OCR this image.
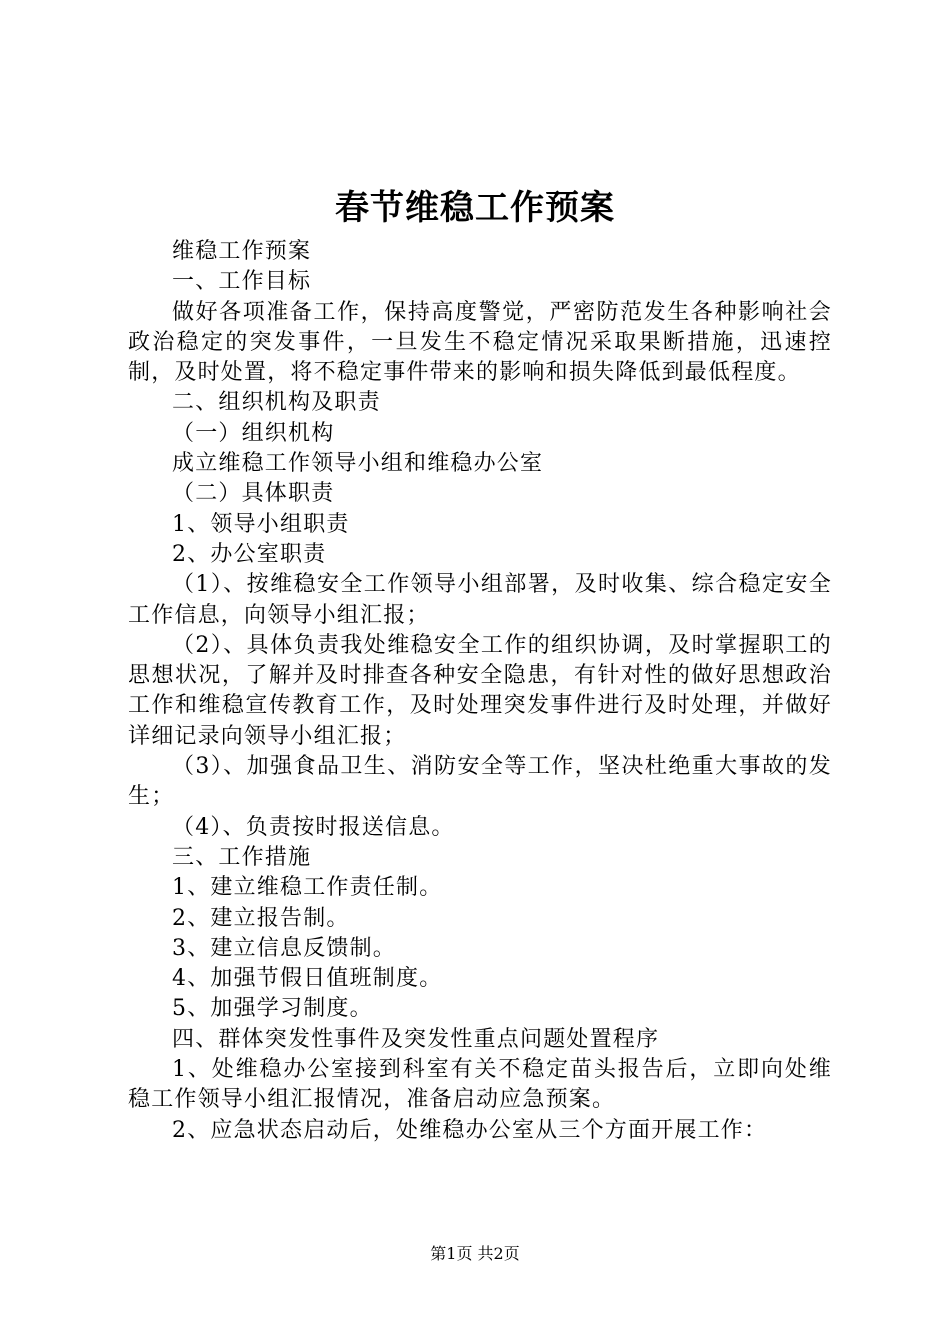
春节维稳工作预案

维稳工作预案

一、工作目标

做好各项准备工作，保持高度警觉，严密防范发生各种影响社会政治稳定的突发事件，一旦发生不稳定情况采取果断措施，迅速控制，及时处置，将不稳定事件带来的影响和损失降低到最低程度。

二、组织机构及职责

（一）组织机构

成立维稳工作领导小组和维稳办公室

（二）具体职责

1、领导小组职责

2、办公室职责

（1）、按维稳安全工作领导小组部署，及时收集、综合稳定安全工作信息，向领导小组汇报；

（2）、具体负责我处维稳安全工作的组织协调，及时掌握职工的思想状况，了解并及时排查各种安全隐患，有针对性的做好思想政治工作和维稳宣传教育工作，及时处理突发事件进行及时处理，并做好详细记录向领导小组汇报；

（3）、加强食品卫生、消防安全等工作，坚决杜绝重大事故的发生；

（4）、负责按时报送信息。

三、工作措施

1、建立维稳工作责任制。

2、建立报告制。

3、建立信息反馈制。

4、加强节假日值班制度。

5、加强学习制度。

四、群体突发性事件及突发性重点问题处置程序

1、处维稳办公室接到科室有关不稳定苗头报告后，立即向处维稳工作领导小组汇报情况，准备启动应急预案。

2、应急状态启动后，处维稳办公室从三个方面开展工作：

第1页 共2页
